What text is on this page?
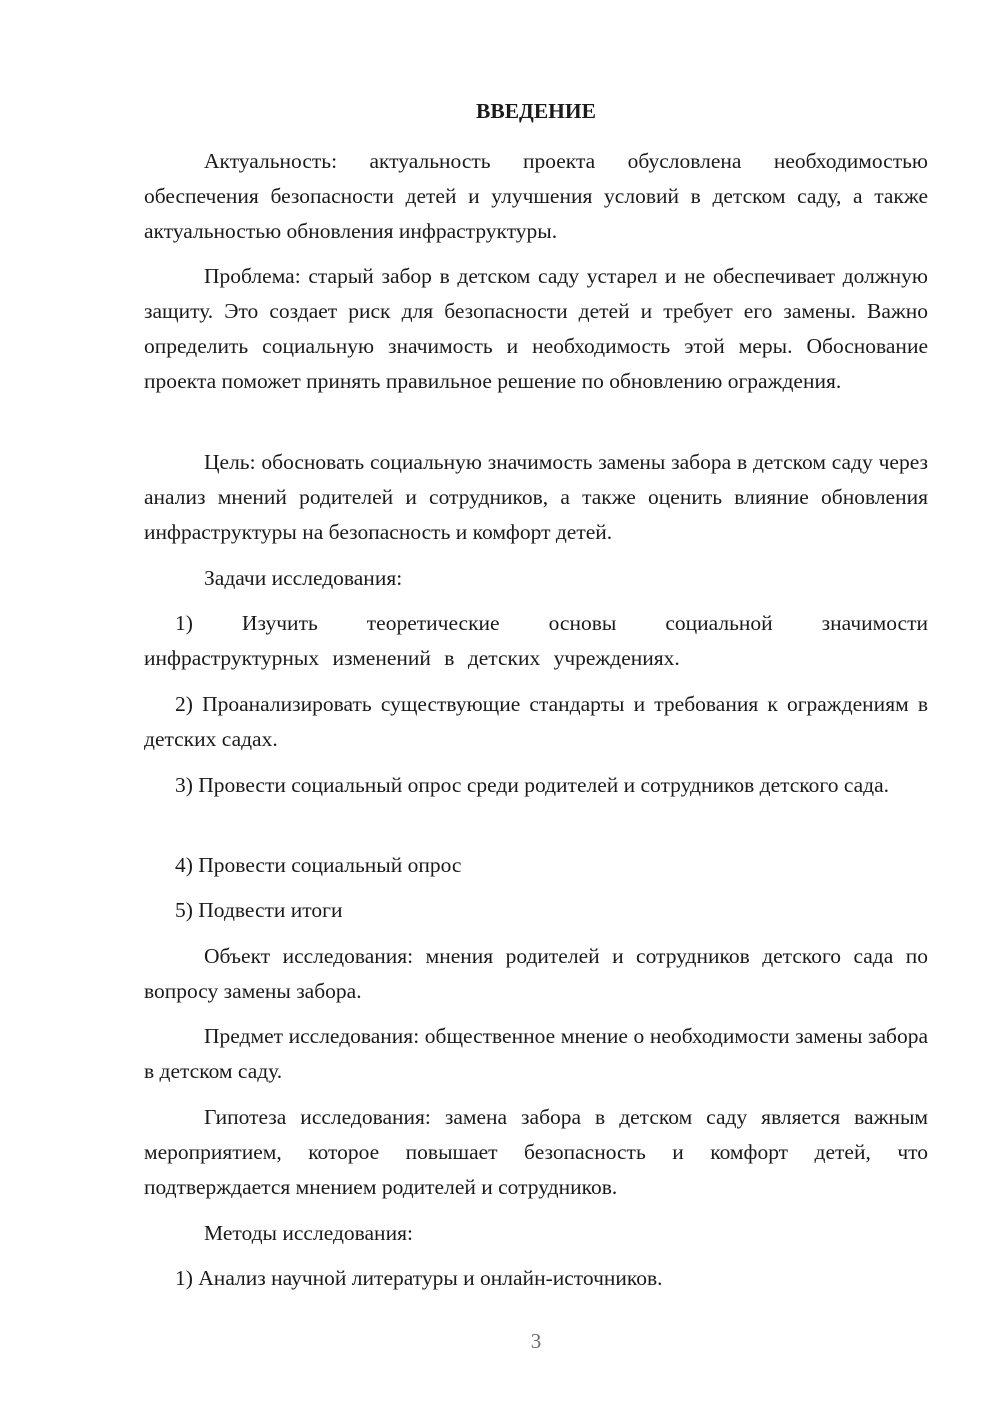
ВВЕДЕНИЕ

Актуальность: актуальность проекта обусловлена необходимостью обеспечения безопасности детей и улучшения условий в детском саду, а также актуальностью обновления инфраструктуры.

Проблема: старый забор в детском саду устарел и не обеспечивает должную защиту. Это создает риск для безопасности детей и требует его замены. Важно определить социальную значимость и необходимость этой меры. Обоснование проекта поможет принять правильное решение по обновлению ограждения.

Цель: обосновать социальную значимость замены забора в детском саду через анализ мнений родителей и сотрудников, а также оценить влияние обновления инфраструктуры на безопасность и комфорт детей.

Задачи исследования:

1) Изучить теоретические основы социальной значимости инфраструктурных изменений в детских учреждениях.

2) Проанализировать существующие стандарты и требования к ограждениям в детских садах.

3) Провести социальный опрос среди родителей и сотрудников детского сада.

4) Провести социальный опрос

5) Подвести итоги

Объект исследования: мнения родителей и сотрудников детского сада по вопросу замены забора.

Предмет исследования: общественное мнение о необходимости замены забора в детском саду.

Гипотеза исследования: замена забора в детском саду является важным мероприятием, которое повышает безопасность и комфорт детей, что подтверждается мнением родителей и сотрудников.

Методы исследования:

1) Анализ научной литературы и онлайн-источников.

3
